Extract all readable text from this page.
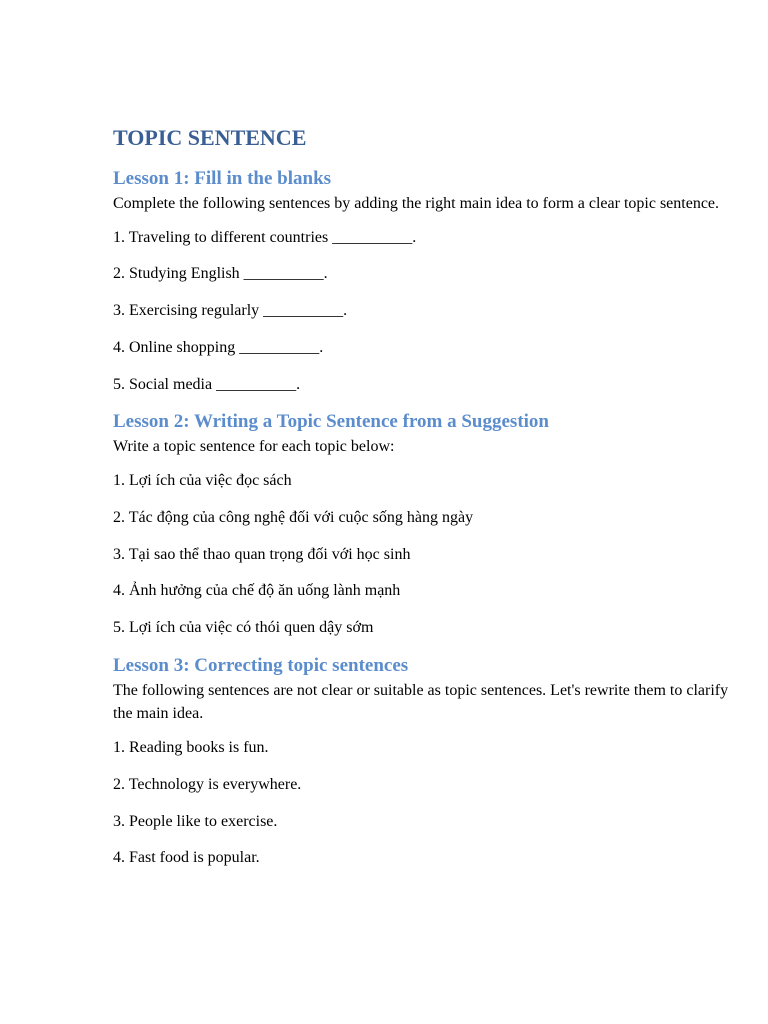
TOPIC SENTENCE
Lesson 1: Fill in the blanks

Complete the following sentences by adding the right main idea to form a clear topic sentence.

1. Traveling to different countries __________.

2. Studying English __________.

3. Exercising regularly __________.

4. Online shopping __________.

5. Social media __________.

Lesson 2: Writing a Topic Sentence from a Suggestion

Write a topic sentence for each topic below:

1. Lợi ích của việc đọc sách

2. Tác động của công nghệ đối với cuộc sống hàng ngày

3. Tại sao thể thao quan trọng đối với học sinh

4. Ảnh hưởng của chế độ ăn uống lành mạnh

5. Lợi ích của việc có thói quen dậy sớm

Lesson 3: Correcting topic sentences

The following sentences are not clear or suitable as topic sentences. Let's rewrite them to clarify the main idea.

1. Reading books is fun.

2. Technology is everywhere.

3. People like to exercise.

4. Fast food is popular.
